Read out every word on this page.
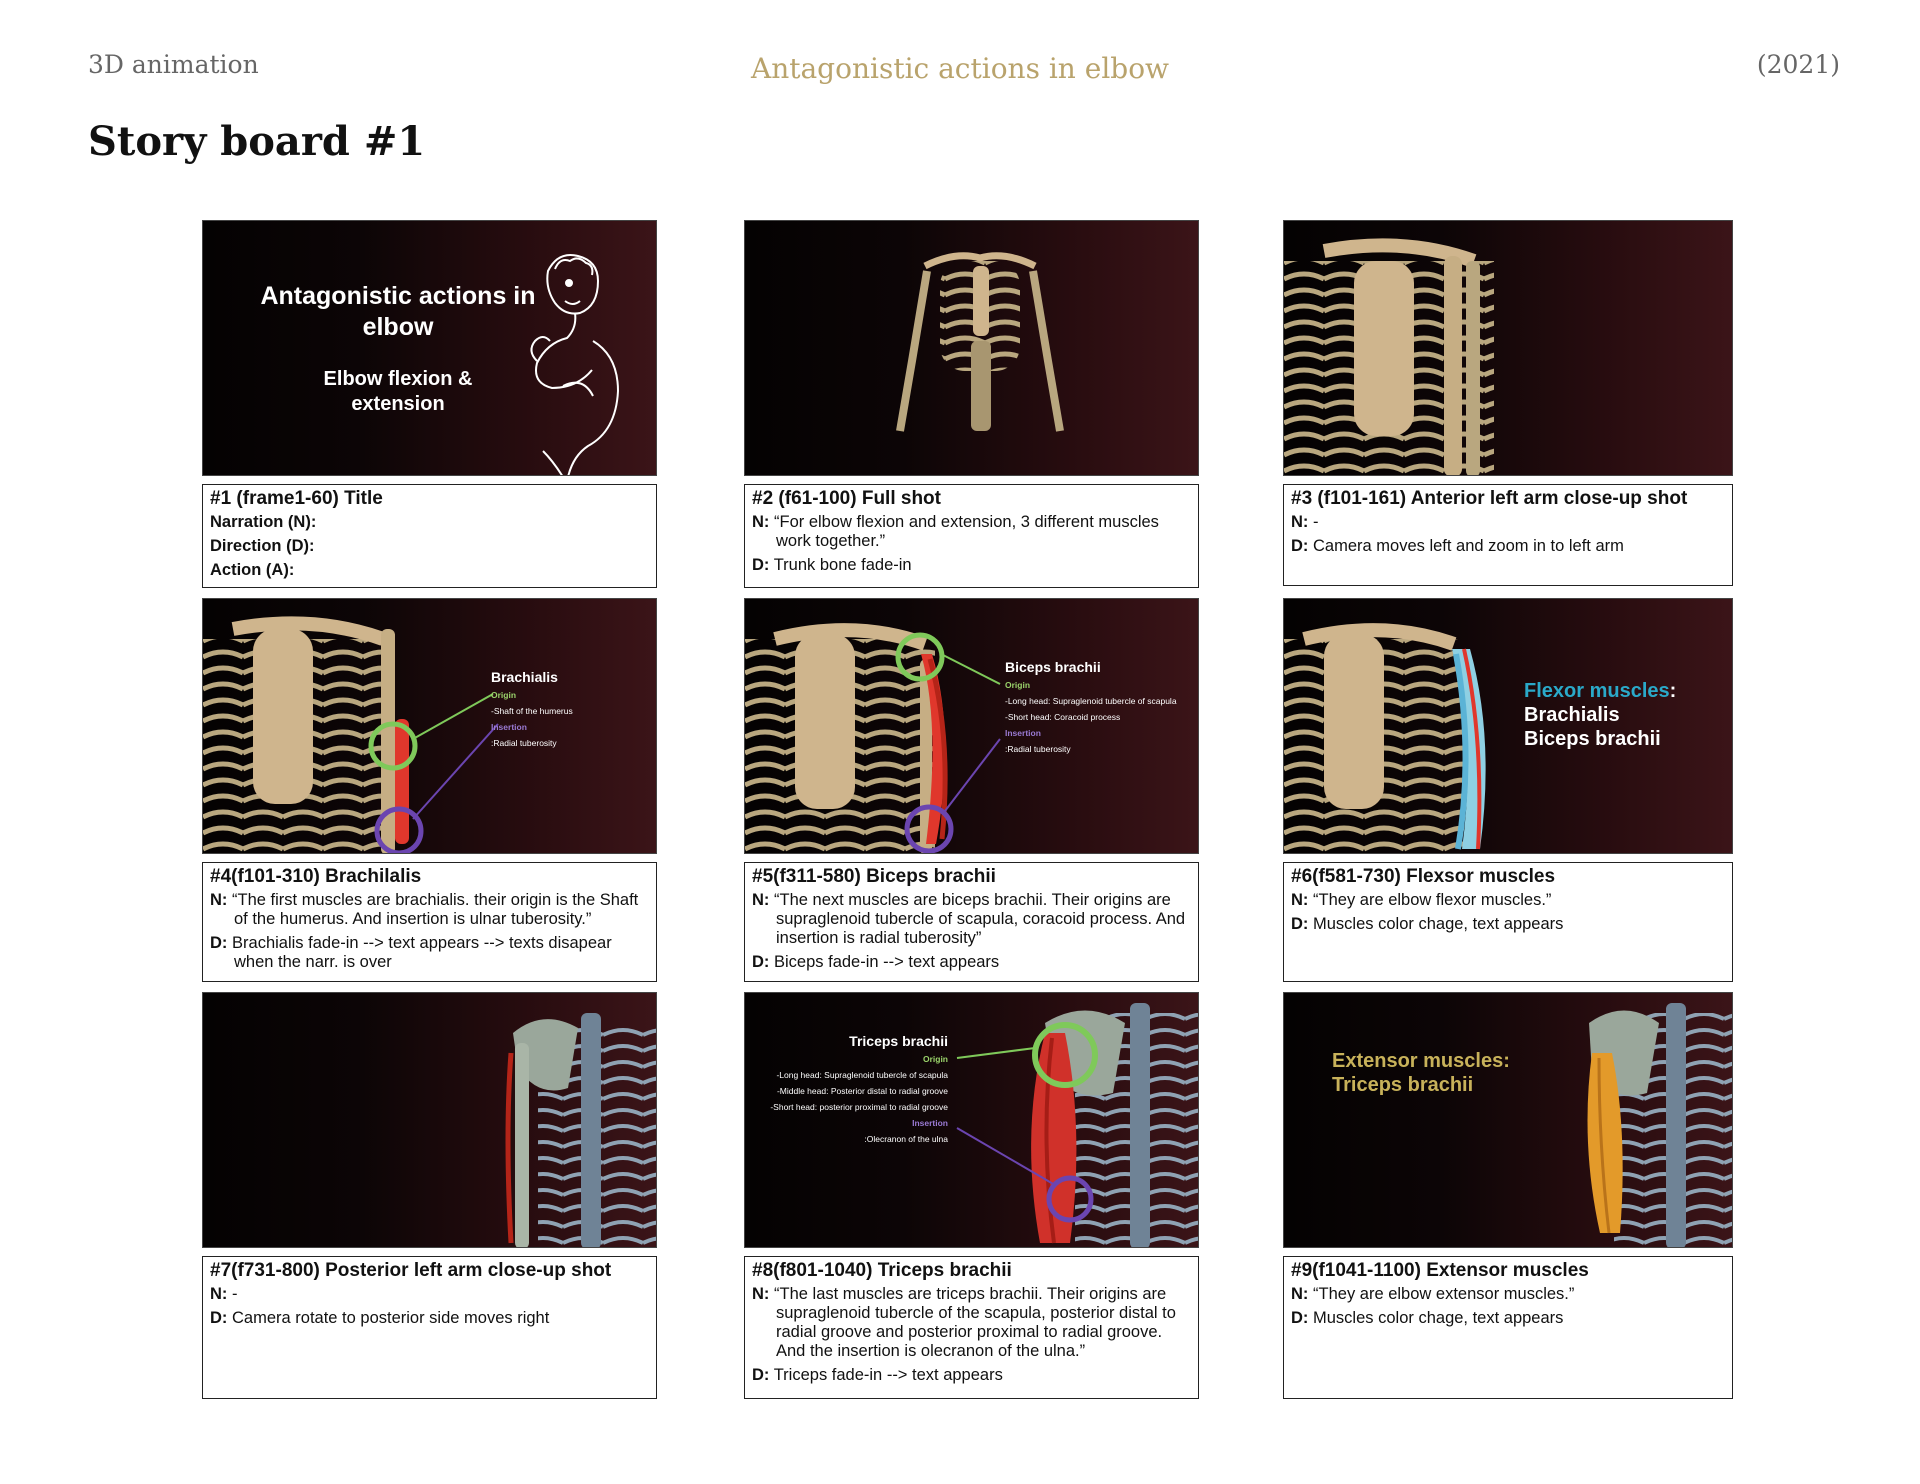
3D animation	Antagonistic actions in elbow	(2021)
Story board #1
Antagonistic actions in elbow
Elbow flexion & extension
#1 (frame1-60) Title
Narration (N):
Direction (D):
Action (A):
#2 (f61-100) Full shot
N: “For elbow flexion and extension, 3 different muscles work together.”
D: Trunk bone fade-in
#3 (f101-161) Anterior left arm close-up shot
N: -
D: Camera moves left and zoom in to left arm
Brachialis
Origin
-Shaft of the humerus
Insertion
:Radial tuberosity
#4(f101-310) Brachilalis
N: “The first muscles are brachialis. their origin is the Shaft of the humerus. And insertion is ulnar tuberosity.”
D: Brachialis fade-in --> text appears --> texts disapear when the narr. is over
Biceps brachii
Origin
-Long head: Supraglenoid tubercle of scapula
-Short head: Coracoid process
Insertion
:Radial tuberosity
#5(f311-580) Biceps brachii
N: “The next muscles are biceps brachii. Their origins are supraglenoid tubercle of scapula, coracoid process. And insertion is radial tuberosity”
D: Biceps fade-in --> text appears
Flexor muscles:
Brachialis
Biceps brachii
#6(f581-730) Flexsor muscles
N: “They are elbow flexor muscles.”
D: Muscles color chage, text appears
#7(f731-800) Posterior left arm close-up shot
N: -
D: Camera rotate to posterior side moves right
Triceps brachii
Origin
-Long head: Supraglenoid tubercle of scapula
-Middle head: Posterior distal to radial groove
-Short head: posterior proximal to radial groove
Insertion
:Olecranon of the ulna
#8(f801-1040) Triceps brachii
N: “The last muscles are triceps brachii. Their origins are supraglenoid tubercle of the scapula, posterior distal to radial groove and posterior proximal to radial groove. And the insertion is olecranon of the ulna.”
D: Triceps fade-in --> text appears
Extensor muscles:
Triceps brachii
#9(f1041-1100) Extensor muscles
N: “They are elbow extensor muscles.”
D: Muscles color chage, text appears
